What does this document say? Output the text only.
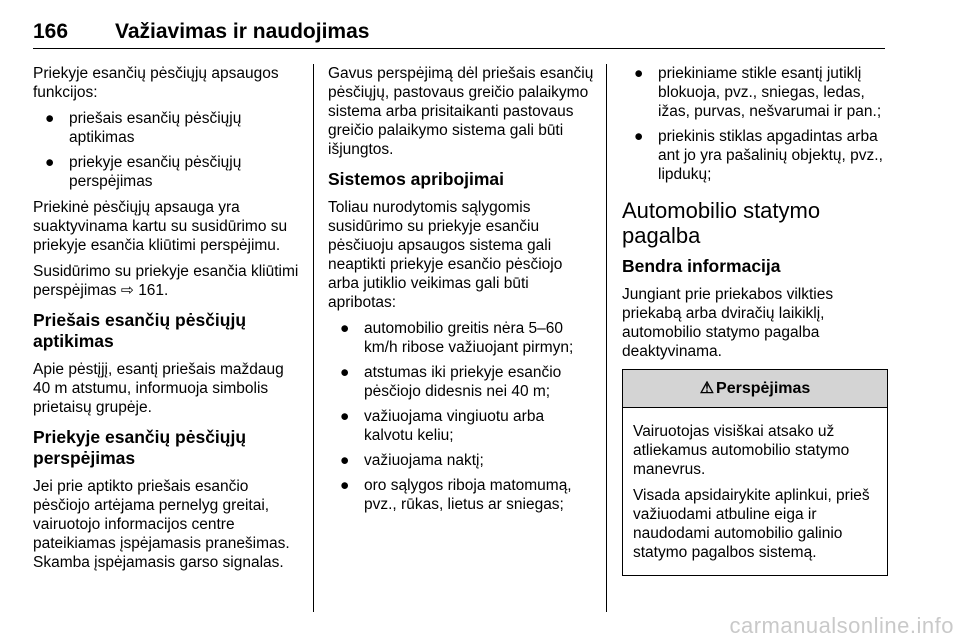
166 Važiavimas ir naudojimas

Priekyje esančių pėsčiųjų apsaugos funkcijos:

● priešais esančių pėsčiųjų aptikimas
● priekyje esančių pėsčiųjų perspėjimas

Priekinė pėsčiųjų apsauga yra suaktyvinama kartu su susidūrimo su priekyje esančia kliūtimi perspėjimu.

Susidūrimo su priekyje esančia kliūtimi perspėjimas ⇨ 161.

Priešais esančių pėsčiųjų aptikimas

Apie pėstįjį, esantį priešais maždaug 40 m atstumu, informuoja simbolis prietaisų grupėje.

Priekyje esančių pėsčiųjų perspėjimas

Jei prie aptikto priešais esančio pėsčiojo artėjama pernelyg greitai, vairuotojo informacijos centre pateikiamas įspėjamasis pranešimas. Skamba įspėjamasis garso signalas.

Gavus perspėjimą dėl priešais esančių pėsčiųjų, pastovaus greičio palaikymo sistema arba prisitaikanti pastovaus greičio palaikymo sistema gali būti išjungtos.

Sistemos apribojimai

Toliau nurodytomis sąlygomis susidūrimo su priekyje esančiu pėsčiuoju apsaugos sistema gali neaptikti priekyje esančio pėsčiojo arba jutiklio veikimas gali būti apribotas:

● automobilio greitis nėra 5–60 km/h ribose važiuojant pirmyn;
● atstumas iki priekyje esančio pėsčiojo didesnis nei 40 m;
● važiuojama vingiuotu arba kalvotu keliu;
● važiuojama naktį;
● oro sąlygos riboja matomumą, pvz., rūkas, lietus ar sniegas;
● priekiniame stikle esantį jutiklį blokuoja, pvz., sniegas, ledas, ižas, purvas, nešvarumai ir pan.;
● priekinis stiklas apgadintas arba ant jo yra pašalinių objektų, pvz., lipdukų;
Automobilio statymo pagalba
Bendra informacija

Jungiant prie priekabos vilkties priekabą arba dviračių laikiklį, automobilio statymo pagalba deaktyvinama.

⚠ Perspėjimas

Vairuotojas visiškai atsako už atliekamus automobilio statymo manevrus.

Visada apsidairykite aplinkui, prieš važiuodami atbuline eiga ir naudodami automobilio galinio statymo pagalbos sistemą.

carmanualsonline.info
